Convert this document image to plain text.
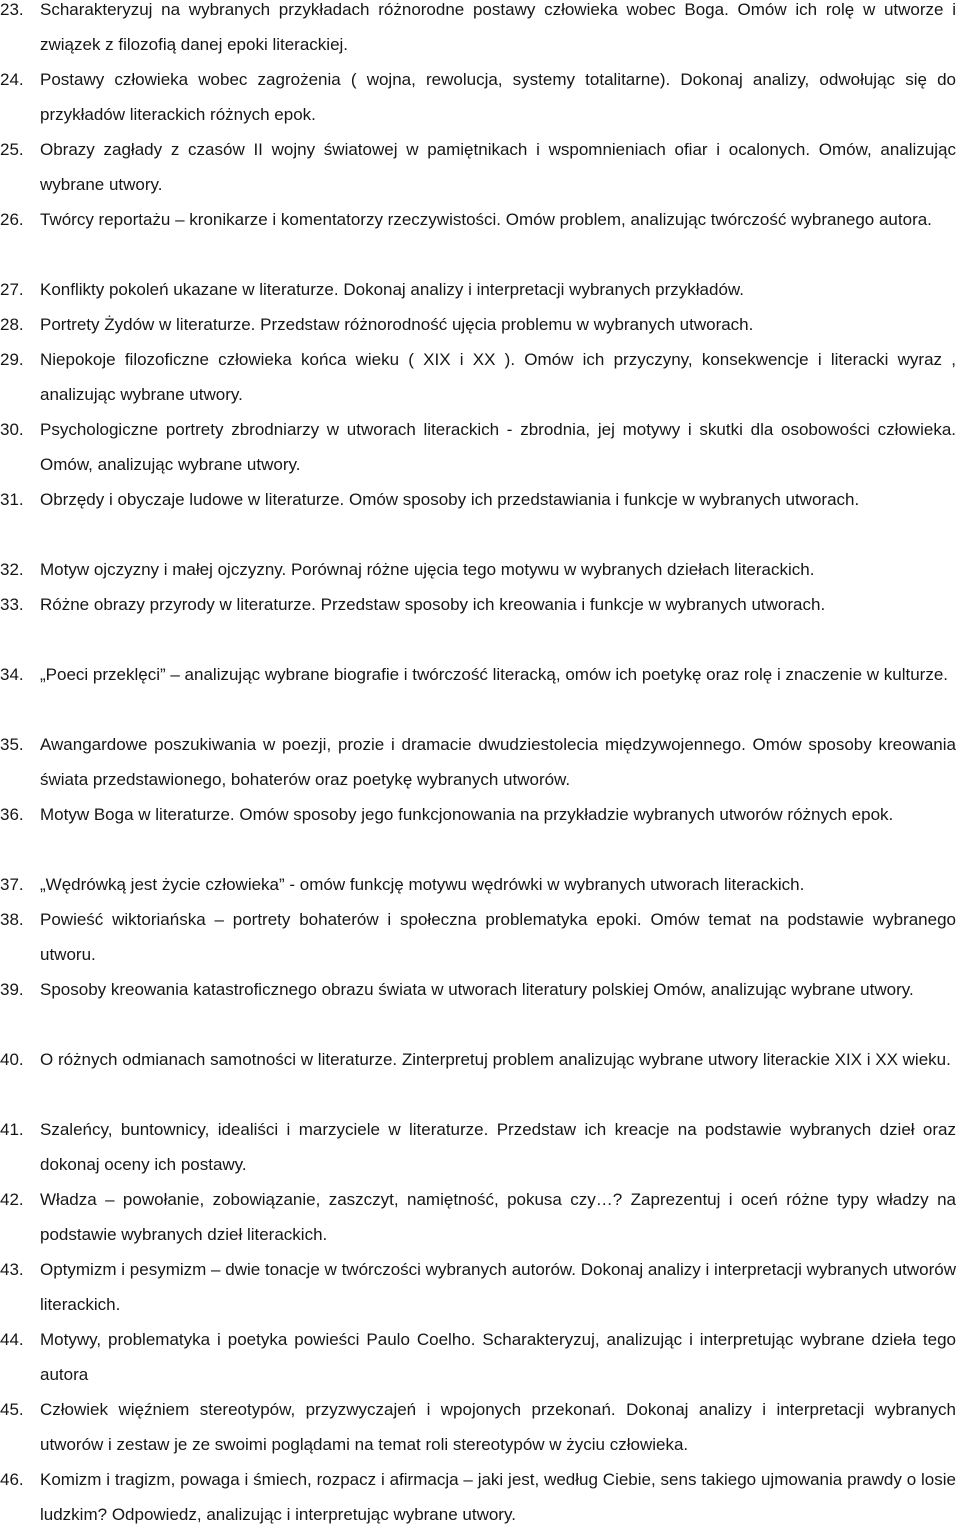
23. Scharakteryzuj na wybranych przykładach różnorodne postawy człowieka wobec Boga. Omów ich rolę w utworze i związek z filozofią danej epoki literackiej.
24. Postawy człowieka wobec zagrożenia ( wojna, rewolucja, systemy totalitarne). Dokonaj analizy, odwołując się do przykładów literackich różnych epok.
25. Obrazy zagłady z czasów II wojny światowej w pamiętnikach i wspomnieniach ofiar i ocalonych. Omów, analizując wybrane utwory.
26. Twórcy reportażu – kronikarze i komentatorzy rzeczywistości. Omów problem, analizując twórczość wybranego autora.
27. Konflikty pokoleń ukazane w literaturze. Dokonaj analizy i interpretacji wybranych przykładów.
28. Portrety Żydów w literaturze. Przedstaw różnorodność ujęcia problemu w wybranych utworach.
29. Niepokoje filozoficzne człowieka końca wieku ( XIX i XX ). Omów ich przyczyny, konsekwencje i literacki wyraz , analizując wybrane utwory.
30. Psychologiczne portrety zbrodniarzy w utworach literackich - zbrodnia, jej motywy i skutki dla osobowości człowieka. Omów, analizując wybrane utwory.
31. Obrzędy i obyczaje ludowe w literaturze. Omów sposoby ich przedstawiania i funkcje w wybranych utworach.
32. Motyw ojczyzny i małej ojczyzny. Porównaj różne ujęcia tego motywu w wybranych dziełach literackich.
33. Różne obrazy przyrody w literaturze. Przedstaw sposoby ich kreowania i funkcje w wybranych utworach.
34. „Poeci przeklęci” – analizując wybrane biografie i twórczość literacką, omów ich poetykę oraz rolę i znaczenie w kulturze.
35. Awangardowe poszukiwania w poezji, prozie i dramacie dwudziestolecia międzywojennego. Omów sposoby kreowania świata przedstawionego, bohaterów oraz poetykę wybranych utworów.
36. Motyw Boga w literaturze. Omów sposoby jego funkcjonowania na przykładzie wybranych utworów różnych epok.
37. „Wędrówką jest życie człowieka” - omów funkcję motywu wędrówki w wybranych utworach literackich.
38. Powieść wiktoriańska – portrety bohaterów i społeczna problematyka epoki. Omów temat na podstawie wybranego utworu.
39. Sposoby kreowania katastroficznego obrazu świata w utworach literatury polskiej Omów, analizując wybrane utwory.
40. O różnych odmianach samotności w literaturze. Zinterpretuj problem analizując wybrane utwory literackie XIX i XX wieku.
41. Szaleńcy, buntownicy, idealiści i marzyciele w literaturze. Przedstaw ich kreacje na podstawie wybranych dzieł oraz dokonaj oceny ich postawy.
42. Władza – powołanie, zobowiązanie, zaszczyt, namiętność, pokusa czy…? Zaprezentuj i oceń różne typy władzy na podstawie wybranych dzieł literackich.
43. Optymizm i pesymizm – dwie tonacje w twórczości wybranych autorów. Dokonaj analizy i interpretacji wybranych utworów literackich.
44. Motywy, problematyka i poetyka powieści Paulo Coelho. Scharakteryzuj, analizując i interpretując wybrane dzieła tego autora
45. Człowiek więźniem stereotypów, przyzwyczajeń i wpojonych przekonań. Dokonaj analizy i interpretacji wybranych utworów i zestaw je ze swoimi poglądami na temat roli stereotypów w życiu człowieka.
46. Komizm i tragizm, powaga i śmiech, rozpacz i afirmacja – jaki jest, według Ciebie, sens takiego ujmowania prawdy o losie ludzkim? Odpowiedz, analizując i interpretując wybrane utwory.
